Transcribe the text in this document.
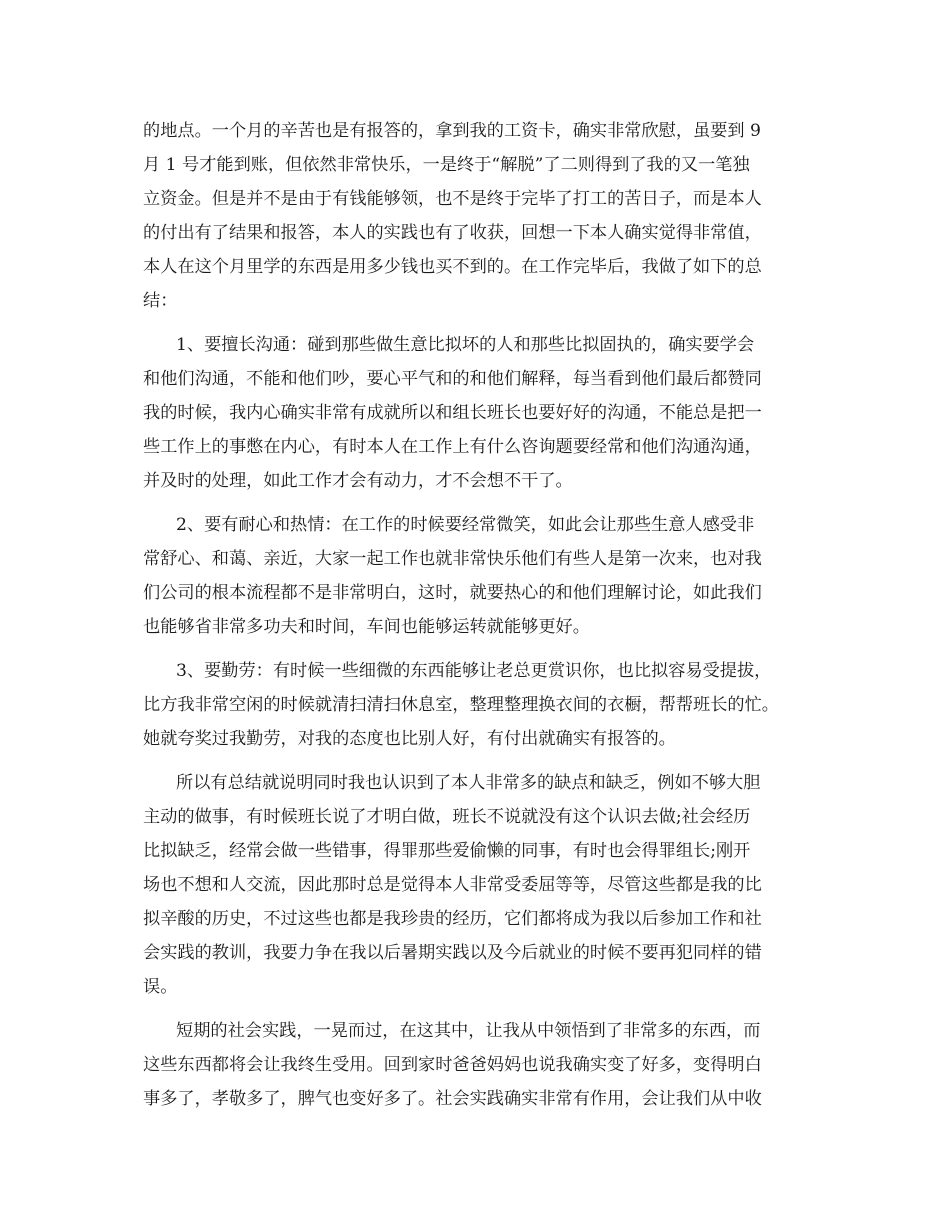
的地点。一个月的辛苦也是有报答的，拿到我的工资卡，确实非常欣慰，虽要到 9
月 1 号才能到账，但依然非常快乐，一是终于“解脱”了二则得到了我的又一笔独
立资金。但是并不是由于有钱能够领，也不是终于完毕了打工的苦日子，而是本人
的付出有了结果和报答，本人的实践也有了收获，回想一下本人确实觉得非常值，
本人在这个月里学的东西是用多少钱也买不到的。在工作完毕后，我做了如下的总
结：
1、要擅长沟通：碰到那些做生意比拟坏的人和那些比拟固执的，确实要学会
和他们沟通，不能和他们吵，要心平气和的和他们解释，每当看到他们最后都赞同
我的时候，我内心确实非常有成就所以和组长班长也要好好的沟通，不能总是把一
些工作上的事憋在内心，有时本人在工作上有什么咨询题要经常和他们沟通沟通，
并及时的处理，如此工作才会有动力，才不会想不干了。
2、要有耐心和热情：在工作的时候要经常微笑，如此会让那些生意人感受非
常舒心、和蔼、亲近，大家一起工作也就非常快乐他们有些人是第一次来，也对我
们公司的根本流程都不是非常明白，这时，就要热心的和他们理解讨论，如此我们
也能够省非常多功夫和时间，车间也能够运转就能够更好。
3、要勤劳：有时候一些细微的东西能够让老总更赏识你，也比拟容易受提拔，
比方我非常空闲的时候就清扫清扫休息室，整理整理换衣间的衣橱，帮帮班长的忙。
她就夸奖过我勤劳，对我的态度也比别人好，有付出就确实有报答的。
所以有总结就说明同时我也认识到了本人非常多的缺点和缺乏，例如不够大胆
主动的做事，有时候班长说了才明白做，班长不说就没有这个认识去做;社会经历
比拟缺乏，经常会做一些错事，得罪那些爱偷懒的同事，有时也会得罪组长;刚开
场也不想和人交流，因此那时总是觉得本人非常受委屈等等，尽管这些都是我的比
拟辛酸的历史，不过这些也都是我珍贵的经历，它们都将成为我以后参加工作和社
会实践的教训，我要力争在我以后暑期实践以及今后就业的时候不要再犯同样的错
误。
短期的社会实践，一晃而过，在这其中，让我从中领悟到了非常多的东西，而
这些东西都将会让我终生受用。回到家时爸爸妈妈也说我确实变了好多，变得明白
事多了，孝敬多了，脾气也变好多了。社会实践确实非常有作用，会让我们从中收
